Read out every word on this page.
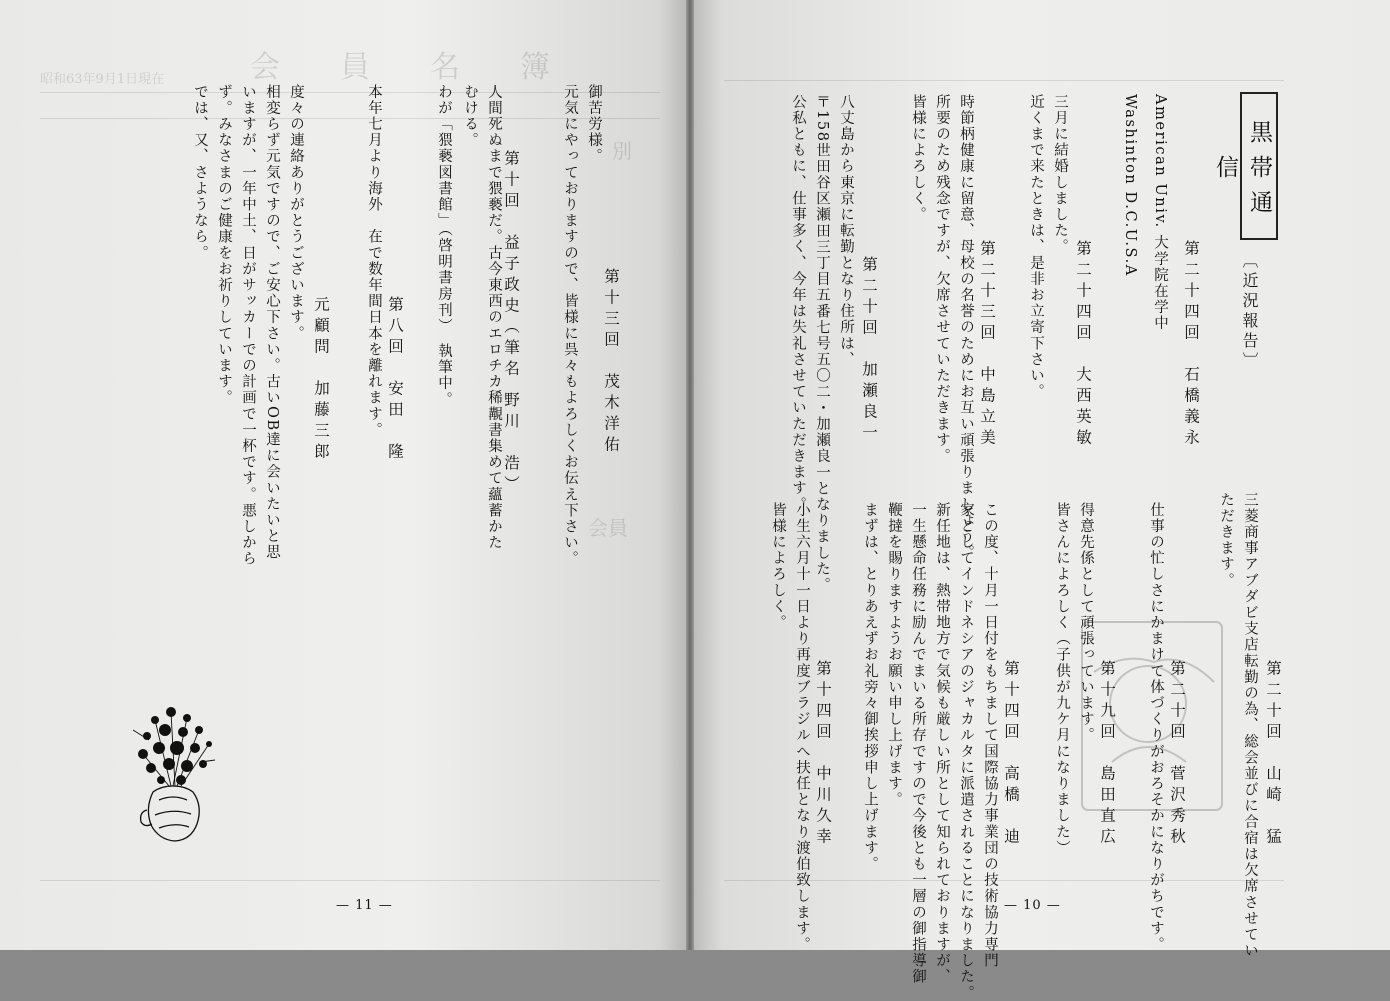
会員名簿
昭和63年9月1日現在
別
会員
第十三回　茂木洋佑
元気にやっておりますので、皆様に呉々もよろしくお伝え下さい。 御苦労様。
第十回　益子政史（筆名 野川　浩）
人間死ぬまで猥褻だ。古今東西のエロチカ稀覯書集めて蘊蓄かた
むける。
わが「猥褻図書館」（啓明書房刊）　執筆中。
第八回　安田　隆
本年七月より海外　在で数年間日本を離れます。
元顧問　加藤三郎
度々の連絡ありがとうございます。
相変らず元気ですので、ご安心下さい。古いOB達に会いたいと思
いますが、一年中土、日がサッカーでの計画で一杯です。悪しから
ず。みなさまのご健康をお祈りしています。
では、又、さようなら。
— 11 —
黒帯通信
〔近況報告〕
第二十四回　石橋義永
American Univ. 大学院在学中
Washinton D.C.U.S.A
第二十四回　大西英敏
三月に結婚しました。
近くまで来たときは、是非お立寄下さい。
第二十三回　中島立美
時節柄健康に留意、母校の名誉のためにお互い頑張りましょう。
所要のため残念ですが、欠席させていただきます。
皆様によろしく。
第二十回　加瀬良一
八丈島から東京に転勤となり住所は、
〒158世田谷区瀬田三丁目五番七号五〇二・加瀬良一となりました。
公私ともに、仕事多く、今年は失礼させていただきます。
第二十回　山崎　猛
三菱商事アブダビ支店転勤の為、総会並びに合宿は欠席させてい
ただきます。
第二十回　菅沢秀秋
仕事の忙しさにかまけて体づくりがおろそかになりがちです。
第十九回　島田直広
得意先係として頑張っています。
皆さんによろしく（子供が九ケ月になりました）
第十四回　高橋　迪
この度、十月一日付をもちまして国際協力事業団の技術協力専門
家としてインドネシアのジャカルタに派遣されることになりました。
新任地は、熱帯地方で気候も厳しい所として知られておりますが、
一生懸命任務に励んでまいる所存ですので今後とも一層の御指導御
鞭撻を賜りますようお願い申し上げます。
まずは、とりあえずお礼旁々御挨拶申し上げます。
第十四回　中川久幸
小生六月十一日より再度ブラジルへ扶任となり渡伯致します。
皆様によろしく。
— 10 —
